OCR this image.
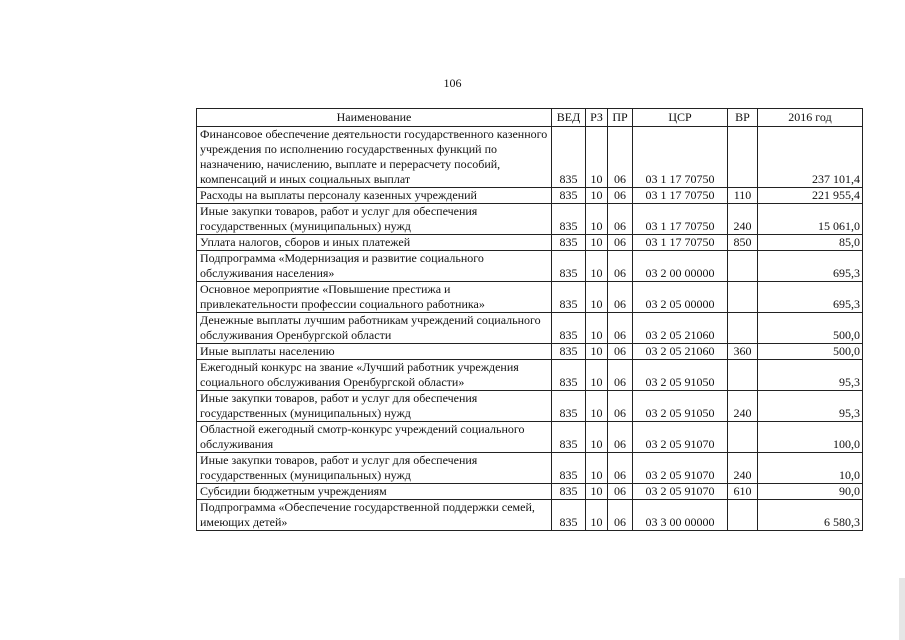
106
Наименование	ВЕД	РЗ	ПР	ЦСР	ВР	2016 год
Финансовое обеспечение деятельности государственного казенного учреждения по исполнению государственных функций по назначению, начислению, выплате и перерасчету пособий, компенсаций и иных социальных выплат	835	10	06	03 1 17 70750		237 101,4
Расходы на выплаты персоналу казенных учреждений	835	10	06	03 1 17 70750	110	221 955,4
Иные закупки товаров, работ и услуг для обеспечения государственных (муниципальных) нужд	835	10	06	03 1 17 70750	240	15 061,0
Уплата налогов, сборов и иных платежей	835	10	06	03 1 17 70750	850	85,0
Подпрограмма «Модернизация и развитие социального обслуживания населения»	835	10	06	03 2 00 00000		695,3
Основное мероприятие «Повышение престижа и привлекательности профессии социального работника»	835	10	06	03 2 05 00000		695,3
Денежные выплаты лучшим работникам учреждений социального обслуживания Оренбургской области	835	10	06	03 2 05 21060		500,0
Иные выплаты населению	835	10	06	03 2 05 21060	360	500,0
Ежегодный конкурс на звание «Лучший работник учреждения социального обслуживания Оренбургской области»	835	10	06	03 2 05 91050		95,3
Иные закупки товаров, работ и услуг для обеспечения государственных (муниципальных) нужд	835	10	06	03 2 05 91050	240	95,3
Областной ежегодный смотр-конкурс учреждений социального обслуживания	835	10	06	03 2 05 91070		100,0
Иные закупки товаров, работ и услуг для обеспечения государственных (муниципальных) нужд	835	10	06	03 2 05 91070	240	10,0
Субсидии бюджетным учреждениям	835	10	06	03 2 05 91070	610	90,0
Подпрограмма «Обеспечение государственной поддержки семей, имеющих детей»	835	10	06	03 3 00 00000		6 580,3
